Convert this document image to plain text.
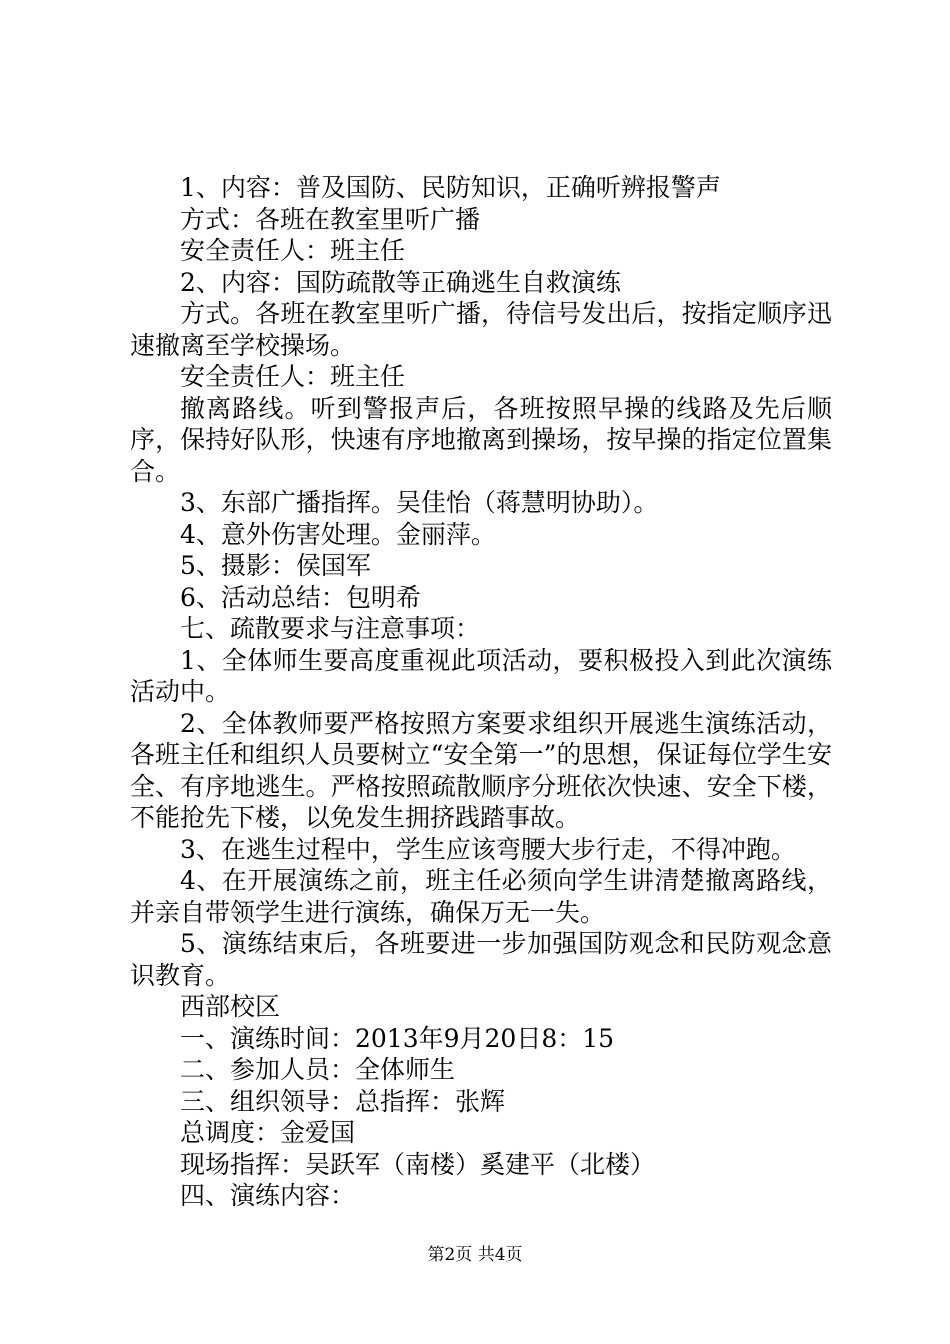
1、内容：普及国防、民防知识，正确听辨报警声

方式：各班在教室里听广播

安全责任人：班主任

2、内容：国防疏散等正确逃生自救演练

方式。各班在教室里听广播，待信号发出后，按指定顺序迅速撤离至学校操场。

安全责任人：班主任

撤离路线。听到警报声后，各班按照早操的线路及先后顺序，保持好队形，快速有序地撤离到操场，按早操的指定位置集合。

3、东部广播指挥。吴佳怡（蒋慧明协助）。

4、意外伤害处理。金丽萍。

5、摄影：侯国军

6、活动总结：包明希

七、疏散要求与注意事项：

1、全体师生要高度重视此项活动，要积极投入到此次演练活动中。

2、全体教师要严格按照方案要求组织开展逃生演练活动，各班主任和组织人员要树立“安全第一”的思想，保证每位学生安全、有序地逃生。严格按照疏散顺序分班依次快速、安全下楼，不能抢先下楼，以免发生拥挤践踏事故。

3、在逃生过程中，学生应该弯腰大步行走，不得冲跑。

4、在开展演练之前，班主任必须向学生讲清楚撤离路线，并亲自带领学生进行演练，确保万无一失。

5、演练结束后，各班要进一步加强国防观念和民防观念意识教育。

西部校区

一、演练时间：2013年9月20日8：15

二、参加人员：全体师生

三、组织领导：总指挥：张辉

总调度：金爱国

现场指挥：吴跃军（南楼）奚建平（北楼）

四、演练内容：

第2页 共4页
